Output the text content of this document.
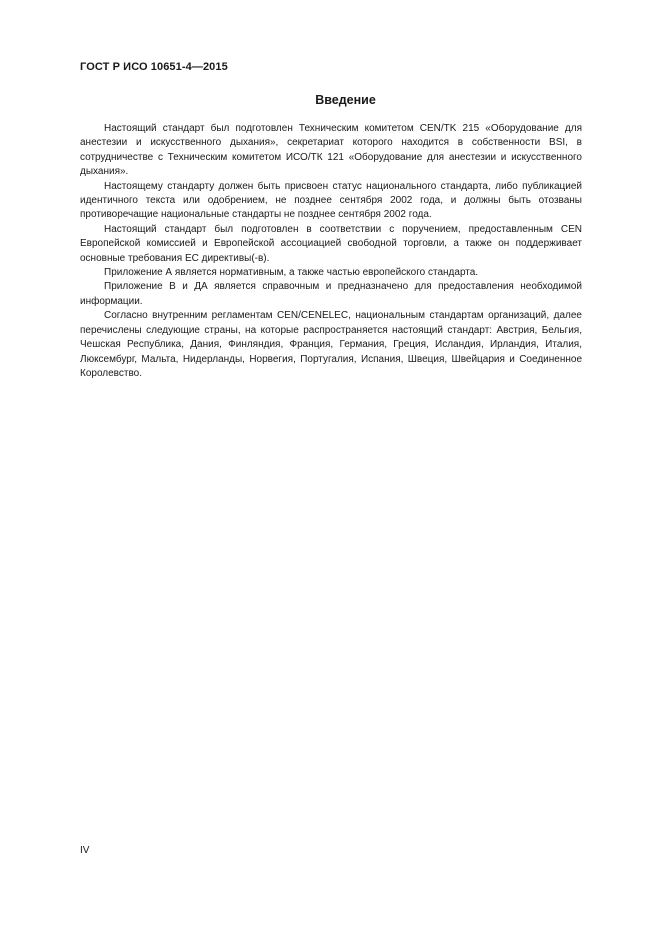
ГОСТ Р ИСО 10651-4—2015
Введение

Настоящий стандарт был подготовлен Техническим комитетом CEN/TK 215 «Оборудование для анестезии и искусственного дыхания», секретариат которого находится в собственности BSI, в сотрудничестве с Техническим комитетом ИСО/ТК 121 «Оборудование для анестезии и искусственного дыхания».

Настоящему стандарту должен быть присвоен статус национального стандарта, либо публикацией идентичного текста или одобрением, не позднее сентября 2002 года, и должны быть отозваны противоречащие национальные стандарты не позднее сентября 2002 года.

Настоящий стандарт был подготовлен в соответствии с поручением, предоставленным CEN Европейской комиссией и Европейской ассоциацией свободной торговли, а также он поддерживает основные требования ЕС директивы(-в).

Приложение А является нормативным, а также частью европейского стандарта.

Приложение В и ДА является справочным и предназначено для предоставления необходимой информации.

Согласно внутренним регламентам CEN/CENELEC, национальным стандартам организаций, далее перечислены следующие страны, на которые распространяется настоящий стандарт: Австрия, Бельгия, Чешская Республика, Дания, Финляндия, Франция, Германия, Греция, Исландия, Ирландия, Италия, Люксембург, Мальта, Нидерланды, Норвегия, Португалия, Испания, Швеция, Швейцария и Соединенное Королевство.

IV
